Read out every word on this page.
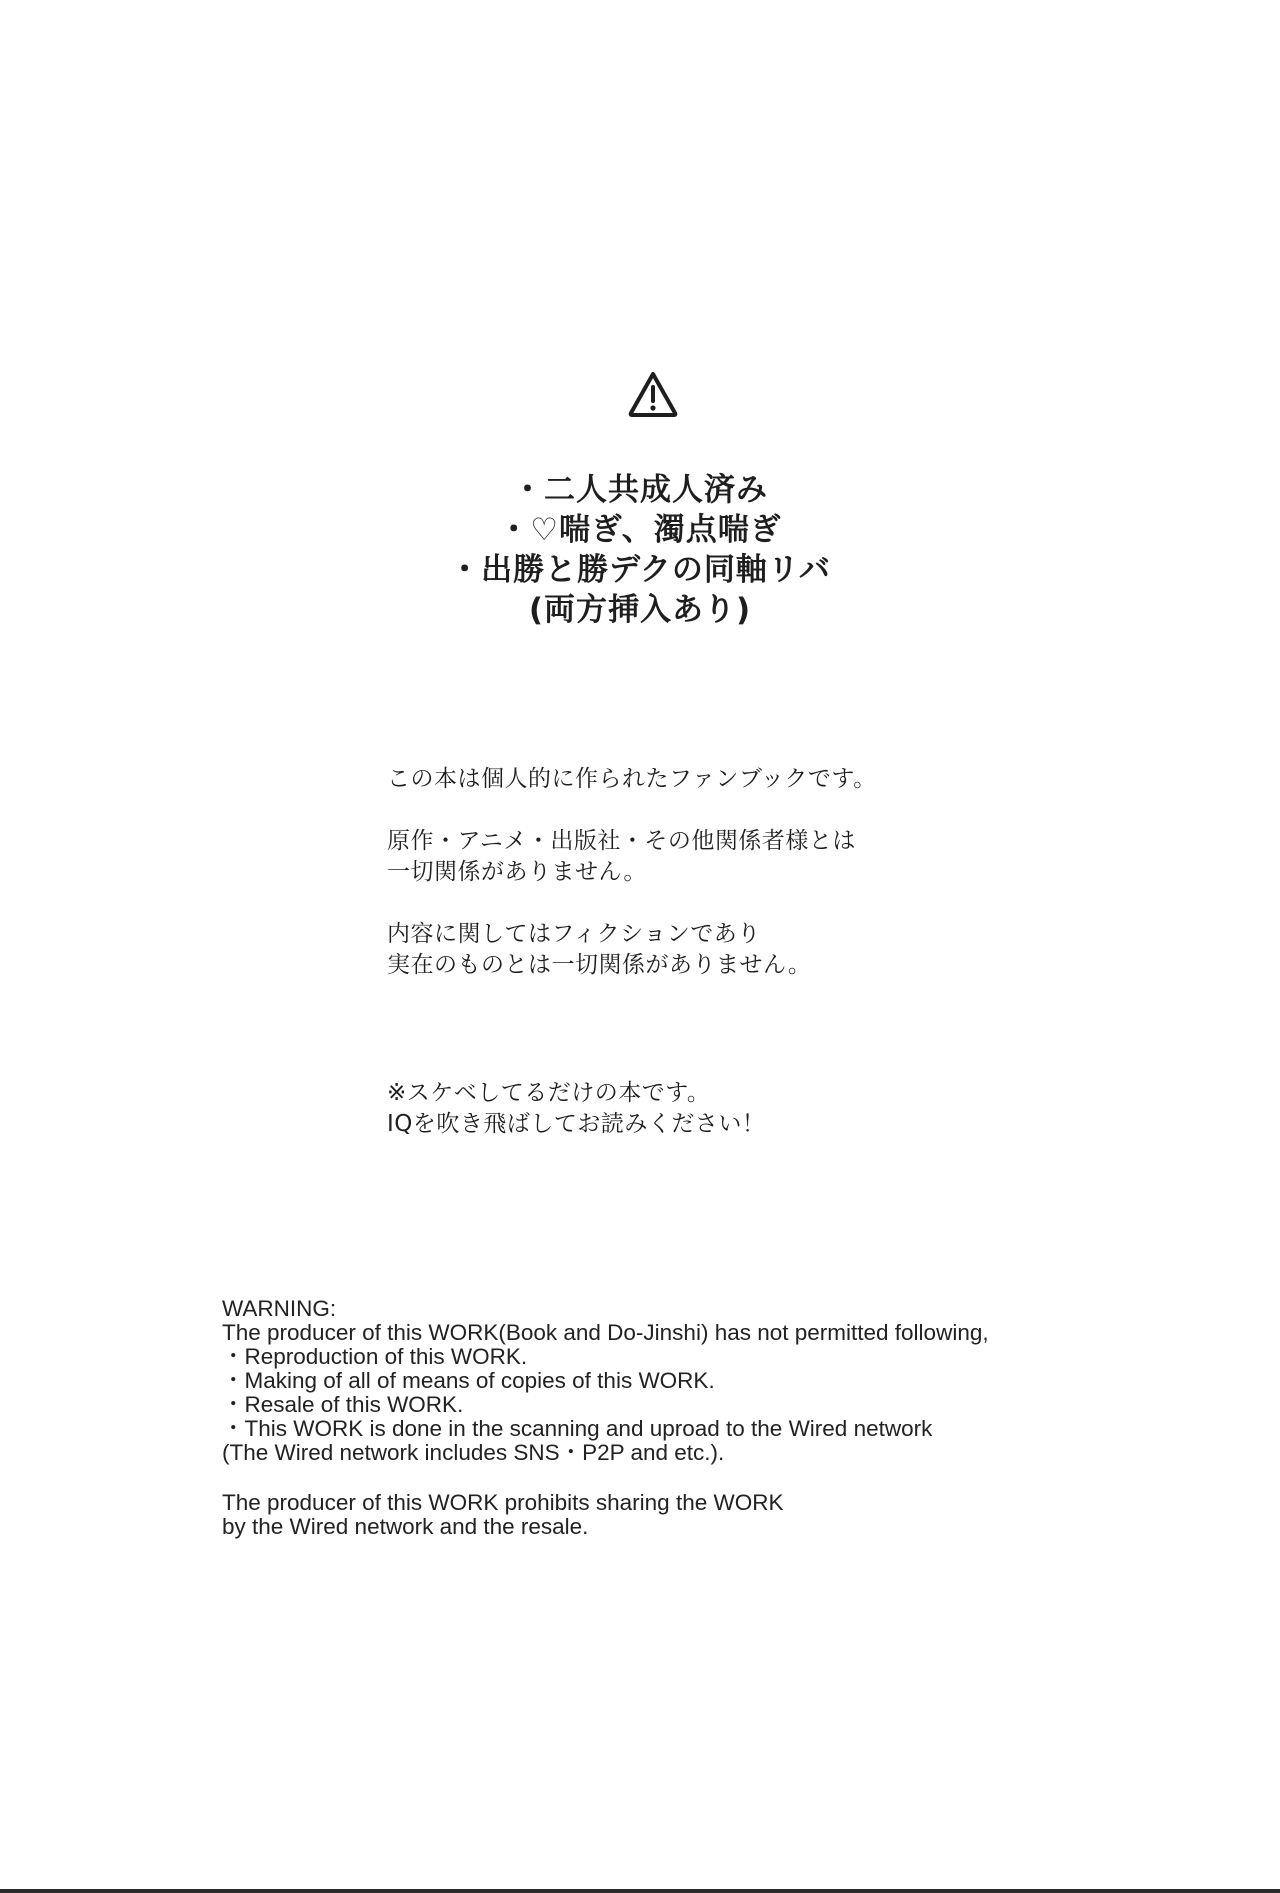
・二人共成人済み
・♡喘ぎ、濁点喘ぎ
・出勝と勝デクの同軸リバ
(両方挿入あり)
この本は個人的に作られたファンブックです。
原作・アニメ・出版社・その他関係者様とは
一切関係がありません。
内容に関してはフィクションであり
実在のものとは一切関係がありません。
※スケベしてるだけの本です。
IQを吹き飛ばしてお読みください！
WARNING:
The producer of this WORK(Book and Do-Jinshi) has not permitted following,
・Reproduction of this WORK.
・Making of all of means of copies of this WORK.
・Resale of this WORK.
・This WORK is done in the scanning and uproad to the Wired network
(The Wired network includes SNS・P2P and etc.).
The producer of this WORK prohibits sharing the WORK
by the Wired network and the resale.
